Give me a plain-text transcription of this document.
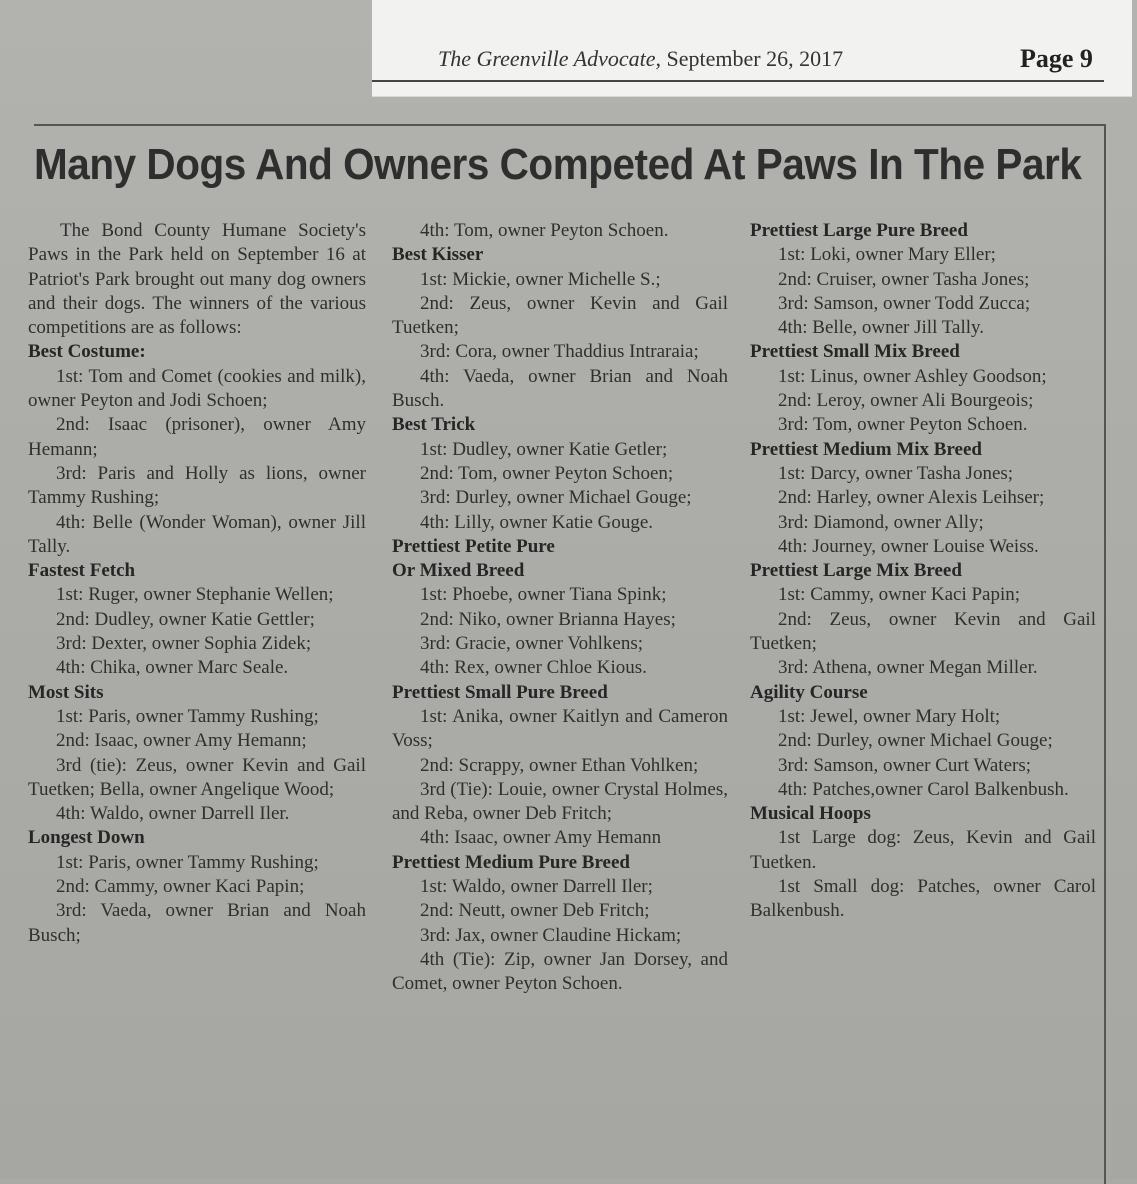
The Greenville Advocate, September 26, 2017	Page 9
Many Dogs And Owners Competed At Paws In The Park

The Bond County Humane Society's Paws in the Park held on September 16 at Patriot's Park brought out many dog owners and their dogs. The winners of the various competitions are as follows:

Best Costume:

1st: Tom and Comet (cookies and milk), owner Peyton and Jodi Schoen;

2nd: Isaac (prisoner), owner Amy Hemann;

3rd: Paris and Holly as lions, owner Tammy Rushing;

4th: Belle (Wonder Woman), owner Jill Tally.

Fastest Fetch

1st: Ruger, owner Stephanie Wellen;

2nd: Dudley, owner Katie Gettler;

3rd: Dexter, owner Sophia Zidek;

4th: Chika, owner Marc Seale.

Most Sits

1st: Paris, owner Tammy Rushing;

2nd: Isaac, owner Amy Hemann;

3rd (tie): Zeus, owner Kevin and Gail Tuetken; Bella, owner Angelique Wood;

4th: Waldo, owner Darrell Iler.

Longest Down

1st: Paris, owner Tammy Rushing;

2nd: Cammy, owner Kaci Papin;

3rd: Vaeda, owner Brian and Noah Busch;

4th: Tom, owner Peyton Schoen.

Best Kisser

1st: Mickie, owner Michelle S.;

2nd: Zeus, owner Kevin and Gail Tuetken;

3rd: Cora, owner Thaddius Intraraia;

4th: Vaeda, owner Brian and Noah Busch.

Best Trick

1st: Dudley, owner Katie Getler;

2nd: Tom, owner Peyton Schoen;

3rd: Durley, owner Michael Gouge;

4th: Lilly, owner Katie Gouge.

Prettiest Petite Pure

Or Mixed Breed

1st: Phoebe, owner Tiana Spink;

2nd: Niko, owner Brianna Hayes;

3rd: Gracie, owner Vohlkens;

4th: Rex, owner Chloe Kious.

Prettiest Small Pure Breed

1st: Anika, owner Kaitlyn and Cameron Voss;

2nd: Scrappy, owner Ethan Vohlken;

3rd (Tie): Louie, owner Crystal Holmes, and Reba, owner Deb Fritch;

4th: Isaac, owner Amy Hemann

Prettiest Medium Pure Breed

1st: Waldo, owner Darrell Iler;

2nd: Neutt, owner Deb Fritch;

3rd: Jax, owner Claudine Hickam;

4th (Tie): Zip, owner Jan Dorsey, and Comet, owner Peyton Schoen.

Prettiest Large Pure Breed

1st: Loki, owner Mary Eller;

2nd: Cruiser, owner Tasha Jones;

3rd: Samson, owner Todd Zucca;

4th: Belle, owner Jill Tally.

Prettiest Small Mix Breed

1st: Linus, owner Ashley Goodson;

2nd: Leroy, owner Ali Bourgeois;

3rd: Tom, owner Peyton Schoen.

Prettiest Medium Mix Breed

1st: Darcy, owner Tasha Jones;

2nd: Harley, owner Alexis Leihser;

3rd: Diamond, owner Ally;

4th: Journey, owner Louise Weiss.

Prettiest Large Mix Breed

1st: Cammy, owner Kaci Papin;

2nd: Zeus, owner Kevin and Gail Tuetken;

3rd: Athena, owner Megan Miller.

Agility Course

1st: Jewel, owner Mary Holt;

2nd: Durley, owner Michael Gouge;

3rd: Samson, owner Curt Waters;

4th: Patches,owner Carol Balkenbush.

Musical Hoops

1st Large dog: Zeus, Kevin and Gail Tuetken.

1st Small dog: Patches, owner Carol Balkenbush.
